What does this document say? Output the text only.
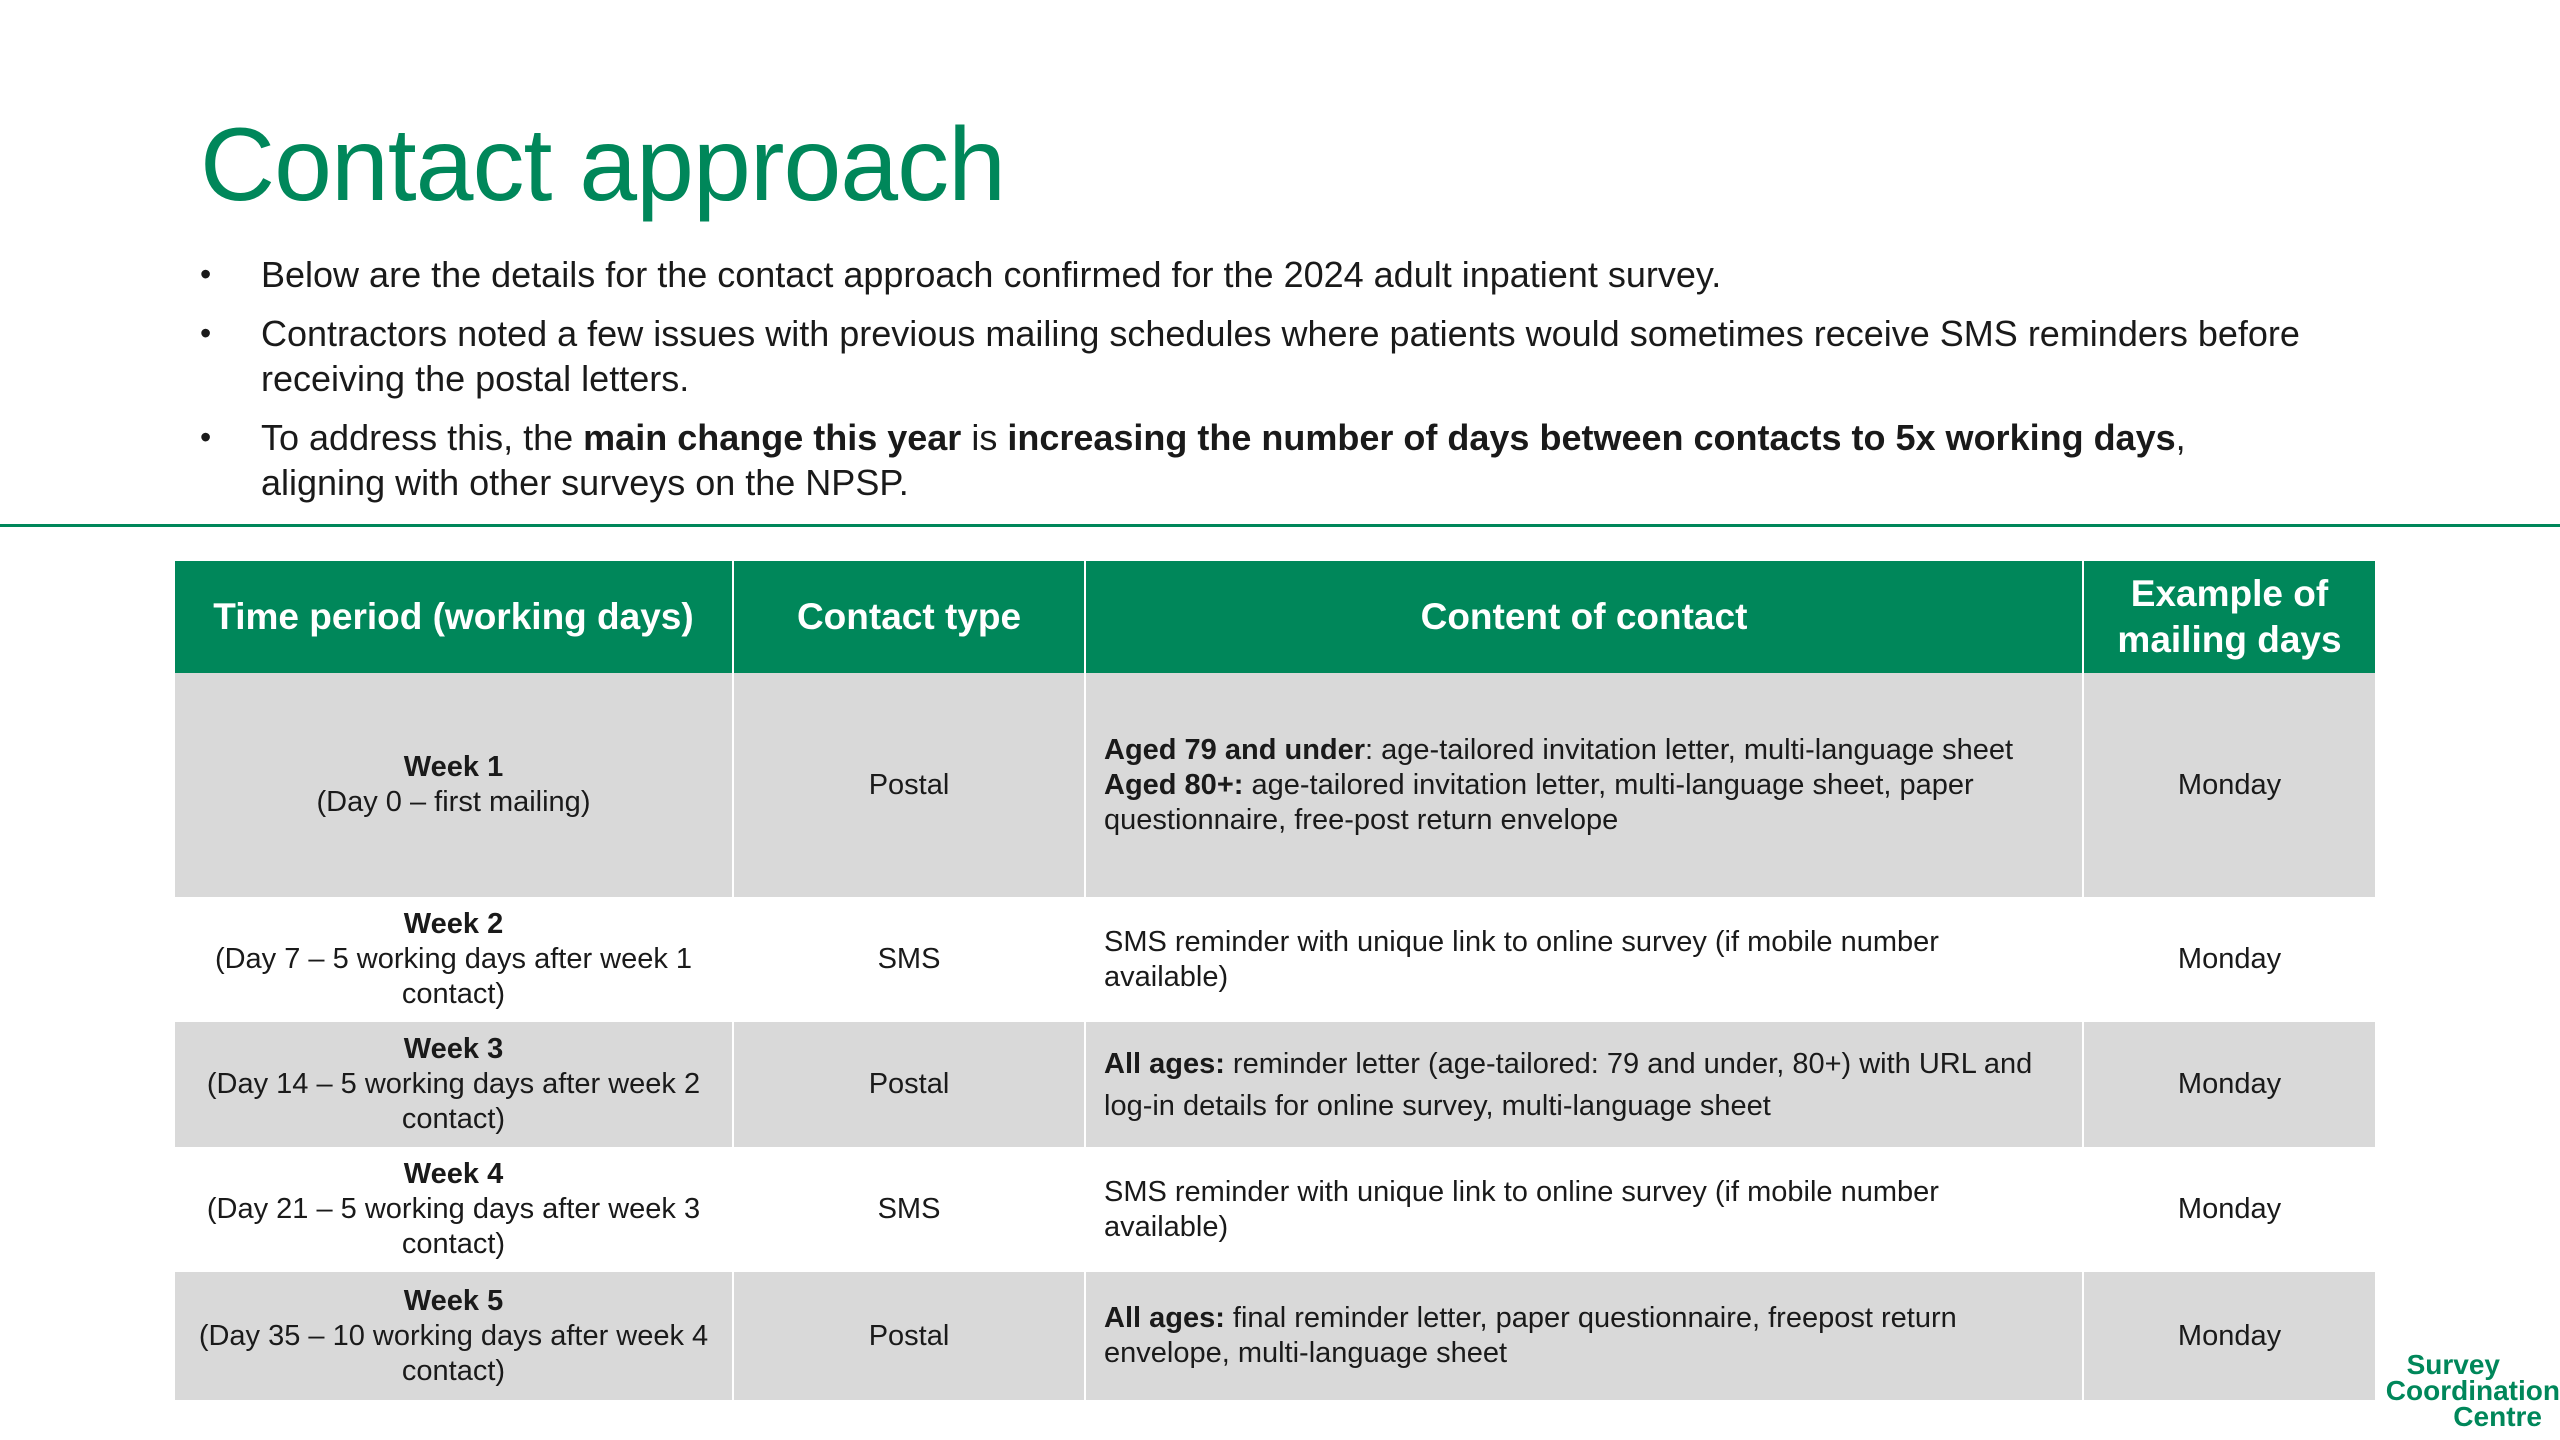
Contact approach
• Below are the details for the contact approach confirmed for the 2024 adult inpatient survey.
• Contractors noted a few issues with previous mailing schedules where patients would sometimes receive SMS reminders before receiving the postal letters.
• To address this, the main change this year is increasing the number of days between contacts to 5x working days, aligning with other surveys on the NPSP.
Time period (working days)	Contact type	Content of contact	Example of mailing days

Week 1
(Day 0 – first mailing)	Postal	Aged 79 and under: age-tailored invitation letter, multi-language sheet
Aged 80+: age-tailored invitation letter, multi-language sheet, paper questionnaire, free-post return envelope	Monday

Week 2
(Day 7 – 5 working days after week 1 contact)	SMS	SMS reminder with unique link to online survey (if mobile number available)	Monday

Week 3
(Day 14 – 5 working days after week 2 contact)	Postal	All ages: reminder letter (age-tailored: 79 and under, 80+) with URL and log-in details for online survey, multi-language sheet	Monday

Week 4
(Day 21 – 5 working days after week 3 contact)	SMS	SMS reminder with unique link to online survey (if mobile number available)	Monday

Week 5
(Day 35 – 10 working days after week 4 contact)	Postal	All ages: final reminder letter, paper questionnaire, freepost return envelope, multi-language sheet	Monday
Survey
Coordination
Centre
